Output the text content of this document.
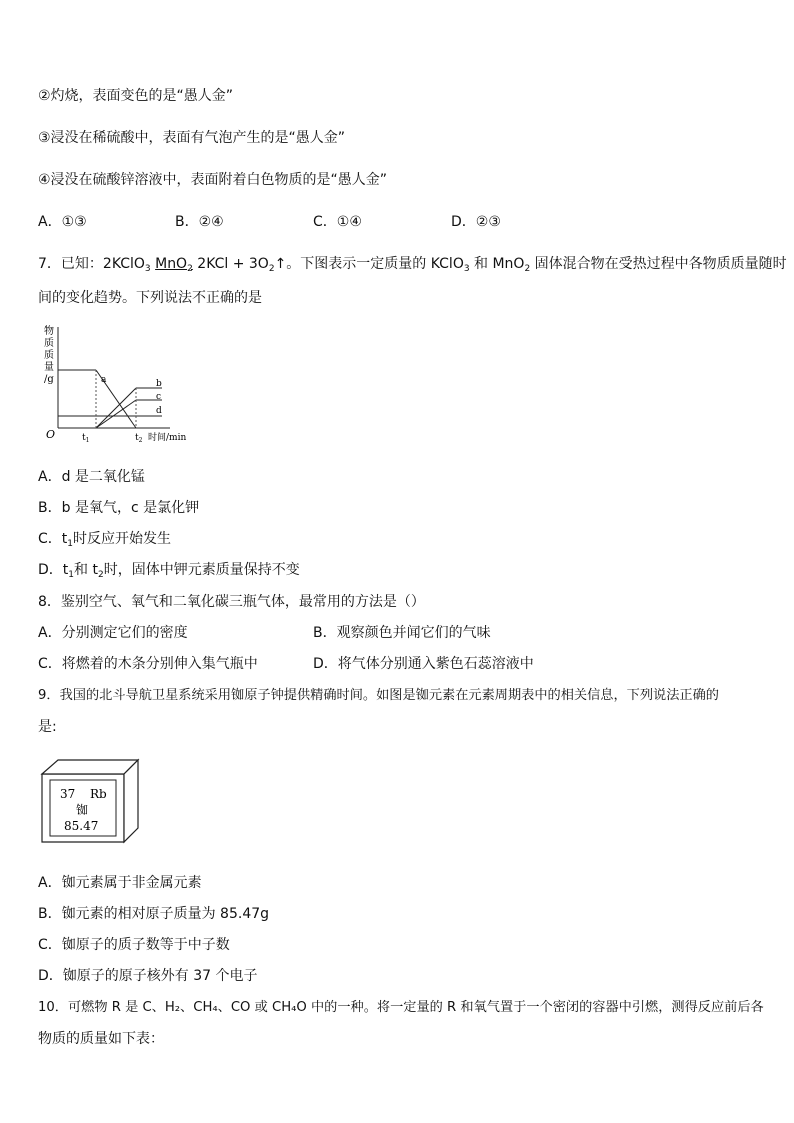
②灼烧，表面变色的是“愚人金”
③浸没在稀硫酸中，表面有气泡产生的是“愚人金”
④浸没在硫酸锌溶液中，表面附着白色物质的是“愚人金”
A．①③	B．②④	C．①④	D．②③
7．已知：2KClO$_3$ MnO$_2$ $2KCl + 3O_2↑$。下图表示一定质量的 KClO$_3$ 和 MnO$_2$ 固体混合物在受热过程中各物质质量随时
间的变化趋势。下列说法不正确的是
物
质
质
量
/g
O
a	b
c
d
$t_1$	$t_2$ 时间/min
A．d 是二氧化锰
B．b 是氧气，c 是氯化钾
C．$t_1$时反应开始发生
D．$t_1$和 $t_2$时，固体中钾元素质量保持不变
8．鉴别空气、氧气和二氧化碳三瓶气体，最常用的方法是（）
A．分别测定它们的密度	B．观察颜色并闻它们的气味
C．将燃着的木条分别伸入集气瓶中	D．将气体分别通入紫色石蕊溶液中
9．我国的北斗导航卫星系统采用铷原子钟提供精确时间。如图是铷元素在元素周期表中的相关信息，下列说法正确的
是:
37 Rb
铷
85.47
A．铷元素属于非金属元素
B．铷元素的相对原子质量为 85.47g
C．铷原子的质子数等于中子数
D．铷原子的原子核外有 37 个电子
10．可燃物 R 是 C、H₂、CH₄、CO 或 CH₄O 中的一种。将一定量的 R 和氧气置于一个密闭的容器中引燃，测得反应前后各
物质的质量如下表：
